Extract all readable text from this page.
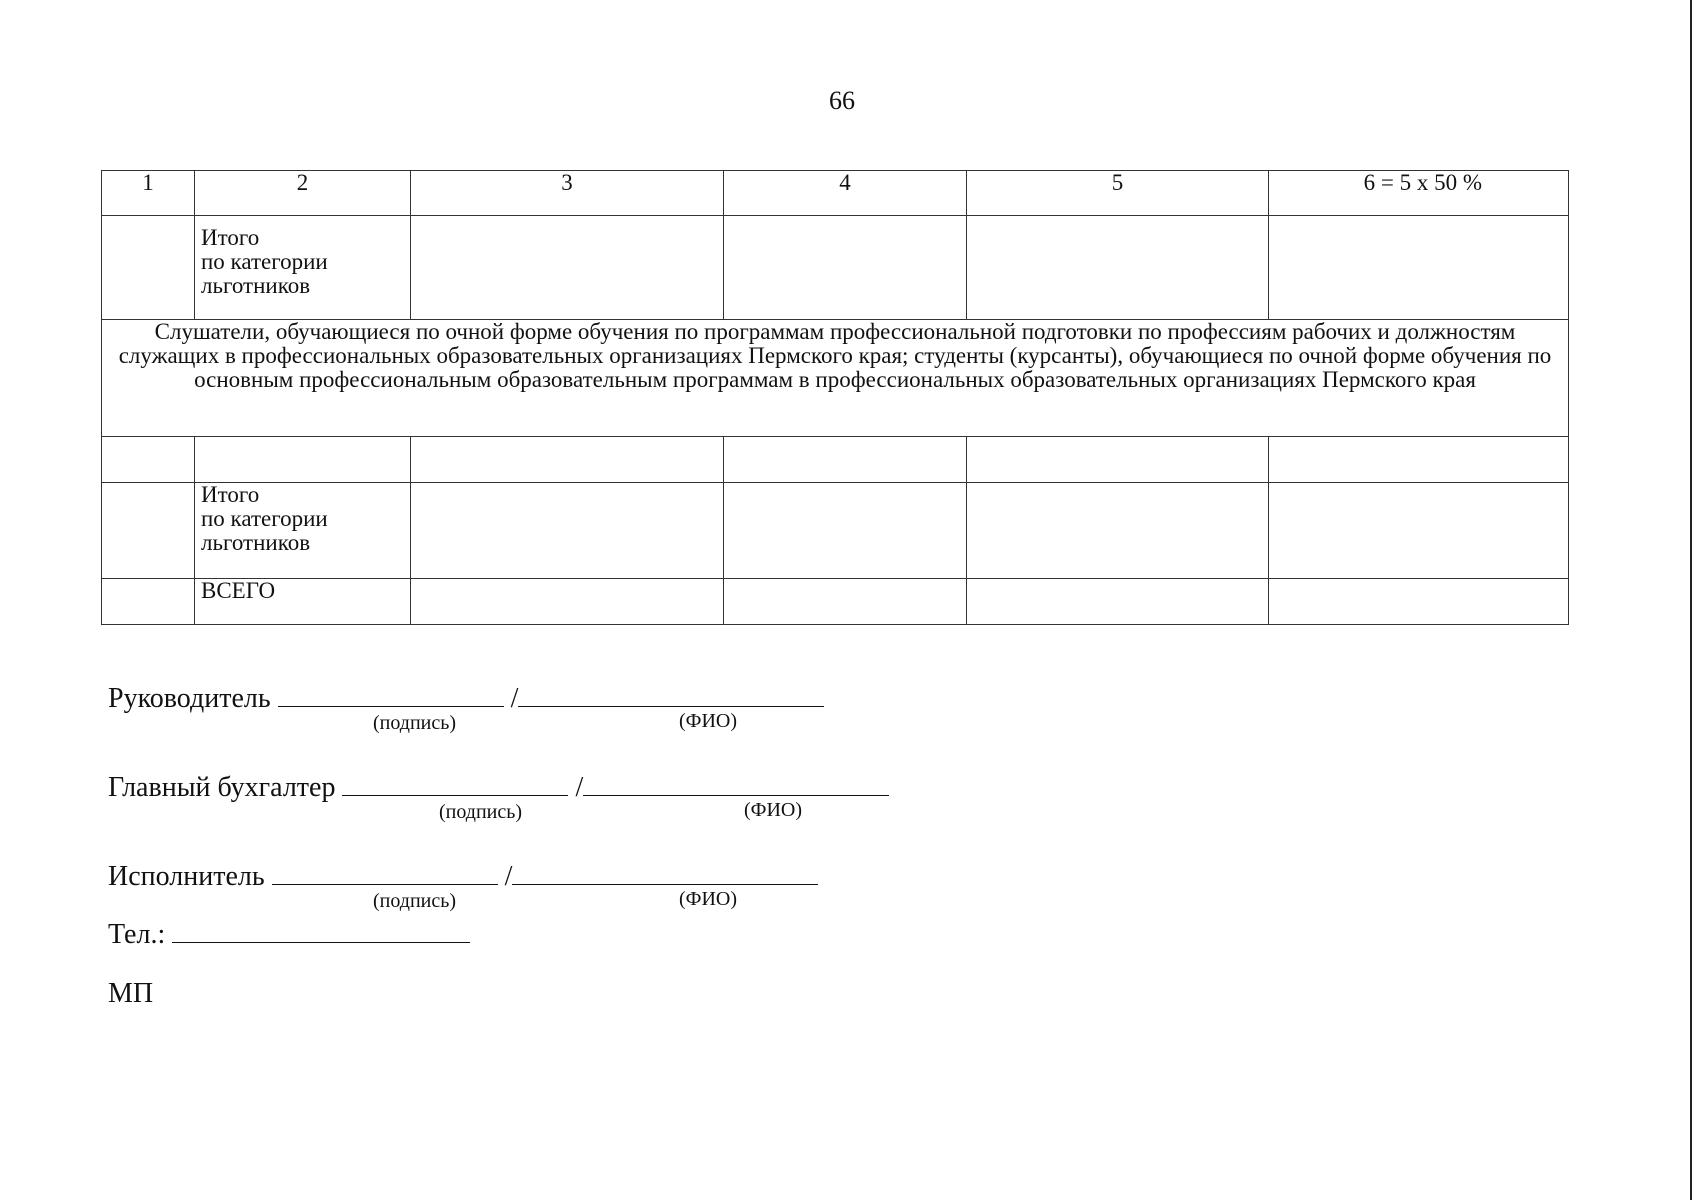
66
1	2	3	4	5	6 = 5 x 50 %

	Итого
по категории
льготников				

Слушатели, обучающиеся по очной форме обучения по программам профессиональной подготовки по профессиям рабочих и должностям служащих в профессиональных образовательных организациях Пермского края; студенты (курсанты), обучающиеся по очной форме обучения по основным профессиональным образовательным программам в профессиональных образовательных организациях Пермского края					

	Итого
по категории
льготников				

	ВСЕГО				
Руководитель	/
(подпись)	(ФИО)
Главный бухгалтер	/
(подпись)	(ФИО)
Исполнитель	/
(подпись)	(ФИО)
Тел.:
МП
